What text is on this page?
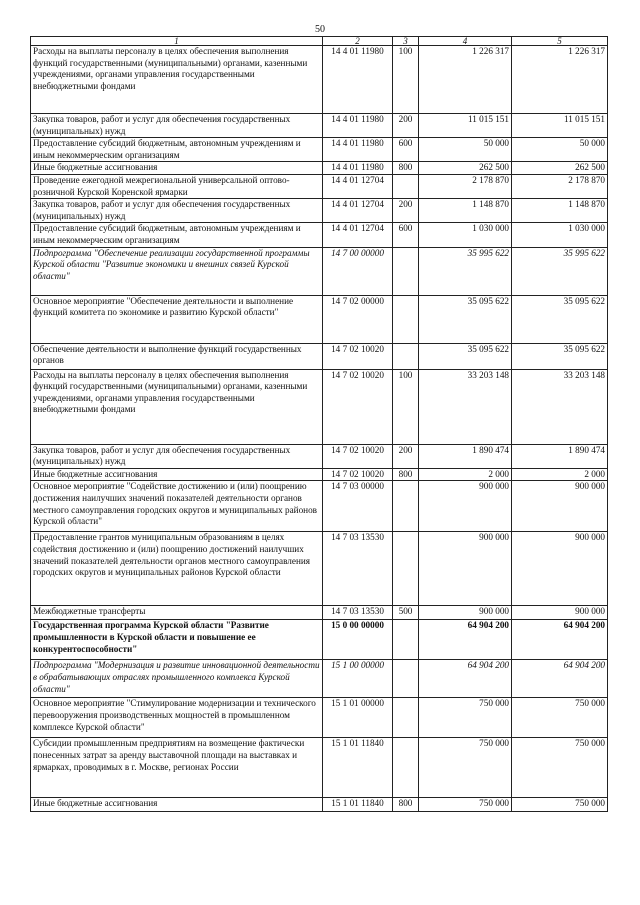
50
1	2	3	4	5
Расходы на выплаты персоналу в целях обеспечения выполнения функций государственными (муниципальными) органами, казенными учреждениями, органами управления государственными внебюджетными фондами	14 4 01 11980	100	1 226 317	1 226 317
Закупка товаров, работ и услуг для обеспечения государственных (муниципальных) нужд	14 4 01 11980	200	11 015 151	11 015 151
Предоставление субсидий бюджетным, автономным учреждениям и иным некоммерческим организациям	14 4 01 11980	600	50 000	50 000
Иные бюджетные ассигнования	14 4 01 11980	800	262 500	262 500
Проведение ежегодной межрегиональной универсальной оптово-розничной Курской Коренской ярмарки	14 4 01 12704		2 178 870	2 178 870
Закупка товаров, работ и услуг для обеспечения государственных (муниципальных) нужд	14 4 01 12704	200	1 148 870	1 148 870
Предоставление субсидий бюджетным, автономным учреждениям и иным некоммерческим организациям	14 4 01 12704	600	1 030 000	1 030 000
Подпрограмма "Обеспечение реализации государственной программы Курской области "Развитие экономики и внешних связей Курской области"	14 7 00 00000		35 995 622	35 995 622
Основное мероприятие "Обеспечение деятельности и выполнение функций комитета по экономике и развитию Курской области"	14 7 02 00000		35 095 622	35 095 622
Обеспечение деятельности и выполнение функций государственных органов	14 7 02 10020		35 095 622	35 095 622
Расходы на выплаты персоналу в целях обеспечения выполнения функций государственными (муниципальными) органами, казенными учреждениями, органами управления государственными внебюджетными фондами	14 7 02 10020	100	33 203 148	33 203 148
Закупка товаров, работ и услуг для обеспечения государственных (муниципальных) нужд	14 7 02 10020	200	1 890 474	1 890 474
Иные бюджетные ассигнования	14 7 02 10020	800	2 000	2 000
Основное мероприятие "Содействие достижению и (или) поощрению достижения наилучших значений показателей деятельности органов местного самоуправления городских округов и муниципальных районов Курской области"	14 7 03 00000		900 000	900 000
Предоставление грантов муниципальным образованиям в целях содействия достижению и (или) поощрению достижений наилучших значений показателей деятельности органов местного самоуправления городских округов и муниципальных районов Курской области	14 7 03 13530		900 000	900 000
Межбюджетные трансферты	14 7 03 13530	500	900 000	900 000
Государственная программа Курской области "Развитие промышленности в Курской области и повышение ее конкурентоспособности"	15 0 00 00000		64 904 200	64 904 200
Подпрограмма "Модернизация и развитие инновационной деятельности в обрабатывающих отраслях промышленного комплекса Курской области"	15 1 00 00000		64 904 200	64 904 200
Основное мероприятие "Стимулирование модернизации и технического перевооружения производственных мощностей в промышленном комплексе Курской области"	15 1 01 00000		750 000	750 000
Субсидии промышленным предприятиям на возмещение фактически понесенных затрат за аренду выставочной площади на выставках и ярмарках, проводимых в г. Москве, регионах России	15 1 01 11840		750 000	750 000
Иные бюджетные ассигнования	15 1 01 11840	800	750 000	750 000
